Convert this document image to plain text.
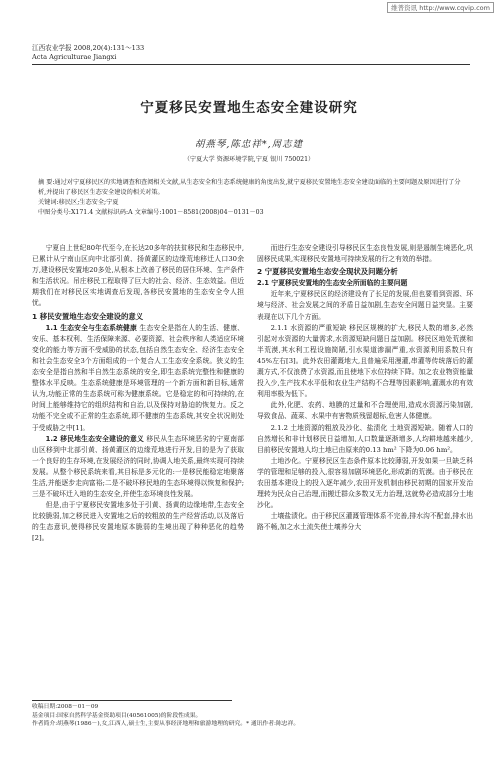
维普资讯 http://www.cqvip.com
江西农业学报 2008,20(4):131～133
Acta Agriculturae Jiangxi
宁夏移民安置地生态安全建设研究
胡燕琴,陈忠祥*,周志建
（宁夏大学 资源环境学院,宁夏 银川 750021）

摘 要:通过对宁夏移民区的实地调查和查阅相关文献,从生态安全和生态系统健康的角度出发,就宁夏移民安置地生态安全建设面临的主要问题及原因进行了分析,并提出了移民区生态安全建设的相关对策。

关键词:移民区;生态安全;宁夏

中图分类号:X171.4 文献标识码:A 文章编号:1001－8581(2008)04－0131－03

宁夏自上世纪80年代至今,在长达20多年的扶贫移民和生态移民中,已累计从宁南山区向中北部引黄、扬黄灌区的边缘荒地移迁人口30余万,建设移民安置地20多处,从根本上改善了移民的居住环境、生产条件和生活状况。吊庄移民工程取得了巨大的社会、经济、生态效益。但近期我们在对移民区实地调查后发现,各移民安置地的生态安全令人担忧。

1 移民安置地生态安全建设的意义

1.1 生态安全与生态系统健康 生态安全是指在人的生活、健康、安乐、基本权利、生活保障来源、必要资源、社会秩序和人类适应环境变化的能力等方面不受威胁的状态,包括自然生态安全、经济生态安全和社会生态安全3个方面组成的一个复合人工生态安全系统。狭义的生态安全是指自然和半自然生态系统的安全,即生态系统完整性和健康的整体水平反映。生态系统健康是环境管理的一个新方面和新目标,通常认为,功能正常的生态系统可称为健康系统。它是稳定的和可持续的,在时间上能够维持它的组织结构和自治,以及保持对胁迫的恢复力。反之功能不完全或不正常的生态系统,即不健康的生态系统,其安全状况则处于受威胁之中[1]。

1.2 移民地生态安全建设的意义 移民从生态环境恶劣的宁夏南部山区移到中北部引黄、扬黄灌区的边缘荒地进行开发,目的是为了获取一个良好的生存环境,在发展经济的同时,协调人地关系,最终实现可持续发展。从整个移民系统来看,其目标是多元化的:一是移民能稳定地聚落生活,并能逐步走向富裕;二是不破坏移民地的生态环境得以恢复和保护;三是不破坏迁入地的生态安全,并使生态环境良性发展。

但是,由于宁夏移民安置地多处于引黄、扬黄的边缘地带,生态安全比较脆弱,加之移民进入安置地之后的较粗放的生产经营活动,以及落后的生态意识,使得移民安置地原本脆弱的生境出现了种种恶化的趋势[2]。

而进行生态安全建设引导移民区生态良性发展,则是遏制生境恶化,巩固移民成果,实现移民安置地可持续发展的行之有效的举措。

2 宁夏移民安置地生态安全现状及问题分析

2.1 宁夏移民安置地的生态安全所面临的主要问题

近年来,宁夏移民区的经济建设有了长足的发展,但也要看到资源、环境与经济、社会发展之间的矛盾日益加剧,生态安全问题日益突显。主要表现在以下几个方面。

2.1.1 水资源的严重短缺 移民区规模的扩大,移民人数的增多,必然引起对水资源的大量需求,水资源短缺问题日益加剧。移民区地处荒漠和半荒漠,其水利工程设施简陋,引水渠道渗漏严重,水资源利用系数只有45%左右[3]。此外农田灌溉地大,且普遍采用漫灌,串灌等传统落后的灌溉方式,不仅浪费了水资源,而且使地下水位持续下降。加之农业物资能量投入少,生产技术水平低和农业生产结构不合理等因素影响,灌溉水的有效利用率极为低下。

此外,化肥、农药、地膜的过量和不合理使用,造成水资源污染加剧,导致食品、蔬菜、水果中有害物质残留超标,危害人体健康。

2.1.2 土地资源的粗放及沙化、盐渍化 土地资源短缺。随着人口的自然增长和非计划移民日益增加,人口数量逐渐增多,人均耕地越来越少,目前移民安置地人均土地已由原来的0.13 hm² 下降为0.06 hm²。

土地沙化。宁夏移民区生态条件原本比较薄弱,开发如果一旦缺乏科学的管理和足够的投入,很容易加剧环境恶化,形成新的荒漠。由于移民在农田基本建设上的投入逐年减少,农田开发机制由移民初期的国家开发治理转为民众自己治理,而搬迁群众多数又无力治理,这就势必造成部分土地沙化。

土壤盐渍化。由于移民区灌溉管理体系不完善,排水沟不配套,排水出路不畅,加之水土流失使土壤养分大

收稿日期:2008－01－09

基金项目:国家自然科学基金资助项目(40561005)的阶段性成果。

作者简介:胡燕琴(1986－),女,江西人,硕士生,主要从事经济地理和旅游地理的研究。* 通讯作者:陈忠祥。
